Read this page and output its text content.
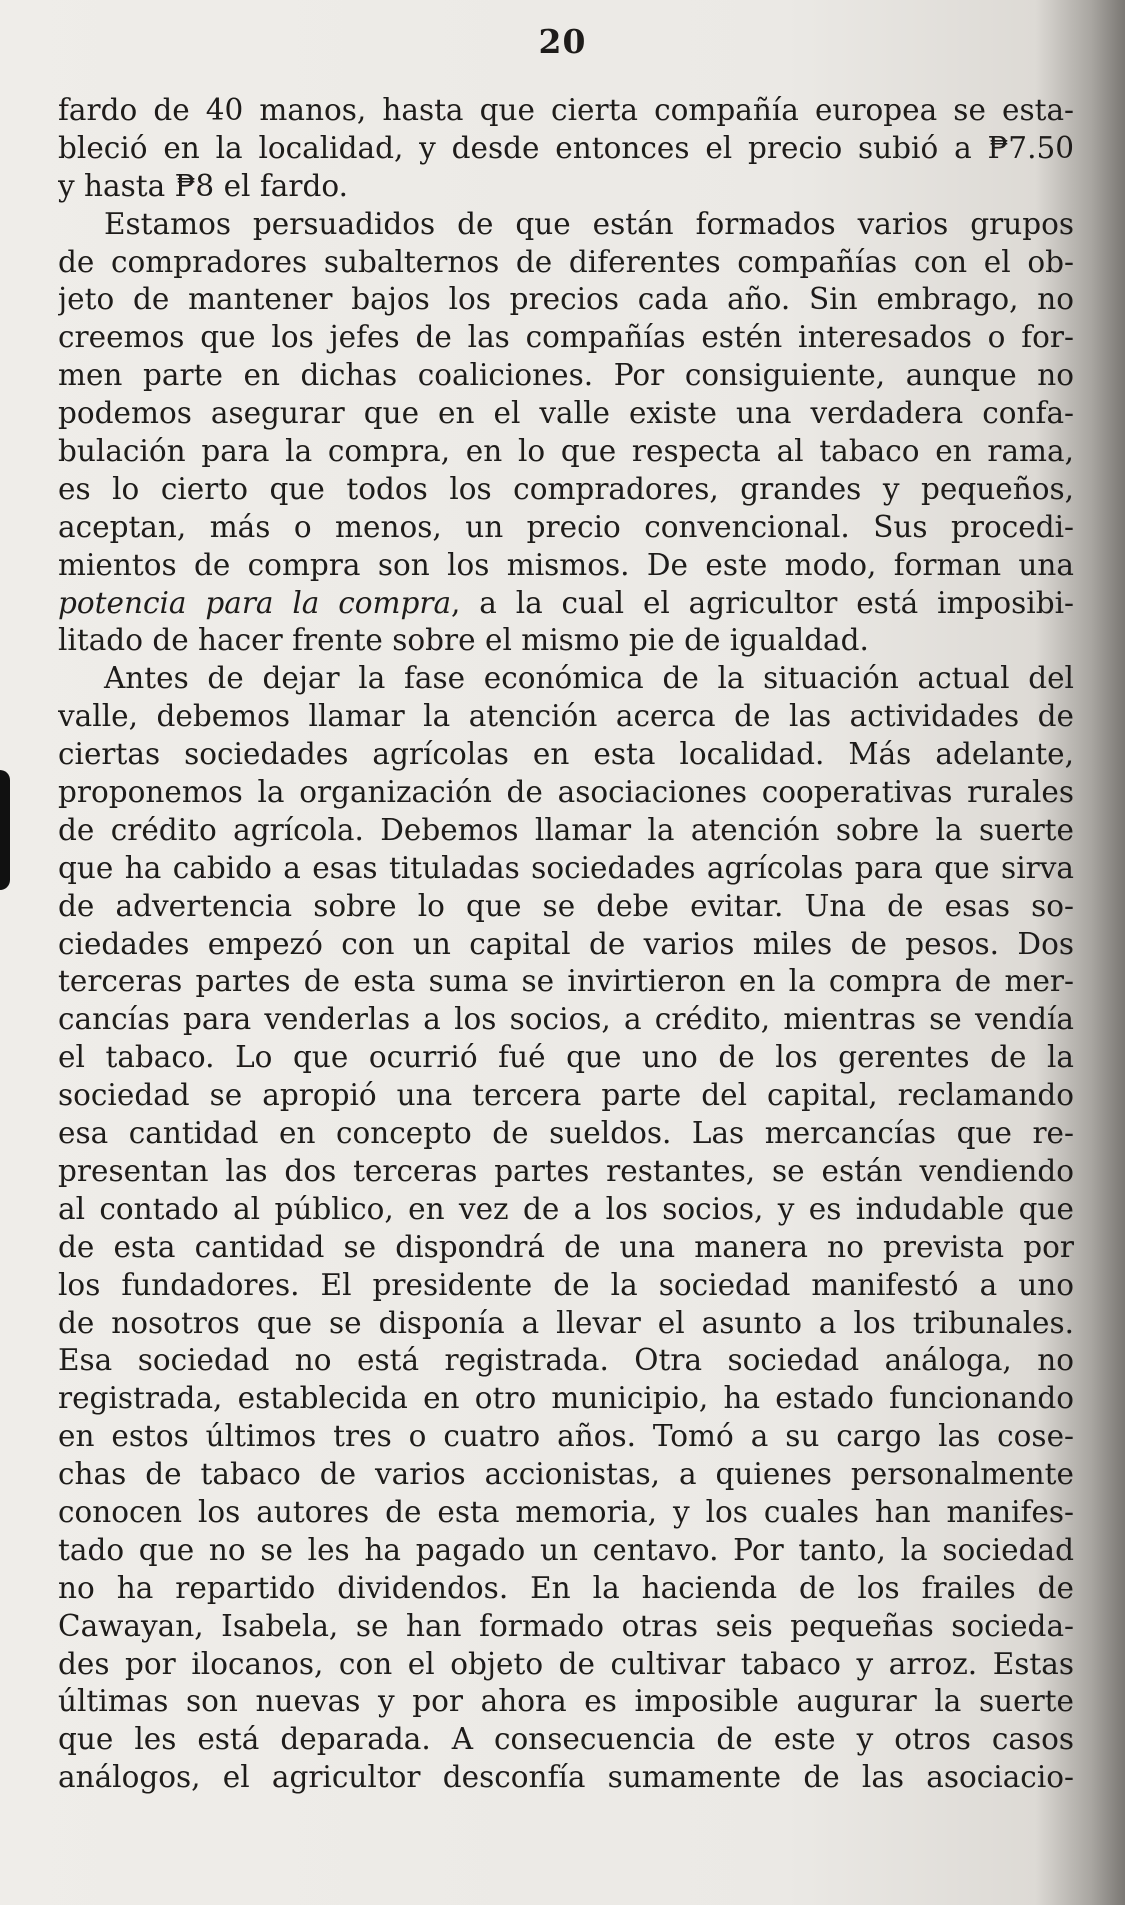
20
fardo de 40 manos, hasta que cierta compañía europea se esta-
bleció en la localidad, y desde entonces el precio subió a ₱7.50
y hasta ₱8 el fardo.
Estamos persuadidos de que están formados varios grupos
de compradores subalternos de diferentes compañías con el ob-
jeto de mantener bajos los precios cada año. Sin embrago, no
creemos que los jefes de las compañías estén interesados o for-
men parte en dichas coaliciones. Por consiguiente, aunque no
podemos asegurar que en el valle existe una verdadera confa-
bulación para la compra, en lo que respecta al tabaco en rama,
es lo cierto que todos los compradores, grandes y pequeños,
aceptan, más o menos, un precio convencional. Sus procedi-
mientos de compra son los mismos. De este modo, forman una
potencia para la compra, a la cual el agricultor está imposibi-
litado de hacer frente sobre el mismo pie de igualdad.
Antes de dejar la fase económica de la situación actual del
valle, debemos llamar la atención acerca de las actividades de
ciertas sociedades agrícolas en esta localidad. Más adelante,
proponemos la organización de asociaciones cooperativas rurales
de crédito agrícola. Debemos llamar la atención sobre la suerte
que ha cabido a esas tituladas sociedades agrícolas para que sirva
de advertencia sobre lo que se debe evitar. Una de esas so-
ciedades empezó con un capital de varios miles de pesos. Dos
terceras partes de esta suma se invirtieron en la compra de mer-
cancías para venderlas a los socios, a crédito, mientras se vendía
el tabaco. Lo que ocurrió fué que uno de los gerentes de la
sociedad se apropió una tercera parte del capital, reclamando
esa cantidad en concepto de sueldos. Las mercancías que re-
presentan las dos terceras partes restantes, se están vendiendo
al contado al público, en vez de a los socios, y es indudable que
de esta cantidad se dispondrá de una manera no prevista por
los fundadores. El presidente de la sociedad manifestó a uno
de nosotros que se disponía a llevar el asunto a los tribunales.
Esa sociedad no está registrada. Otra sociedad análoga, no
registrada, establecida en otro municipio, ha estado funcionando
en estos últimos tres o cuatro años. Tomó a su cargo las cose-
chas de tabaco de varios accionistas, a quienes personalmente
conocen los autores de esta memoria, y los cuales han manifes-
tado que no se les ha pagado un centavo. Por tanto, la sociedad
no ha repartido dividendos. En la hacienda de los frailes de
Cawayan, Isabela, se han formado otras seis pequeñas socieda-
des por ilocanos, con el objeto de cultivar tabaco y arroz. Estas
últimas son nuevas y por ahora es imposible augurar la suerte
que les está deparada. A consecuencia de este y otros casos
análogos, el agricultor desconfía sumamente de las asociacio-
